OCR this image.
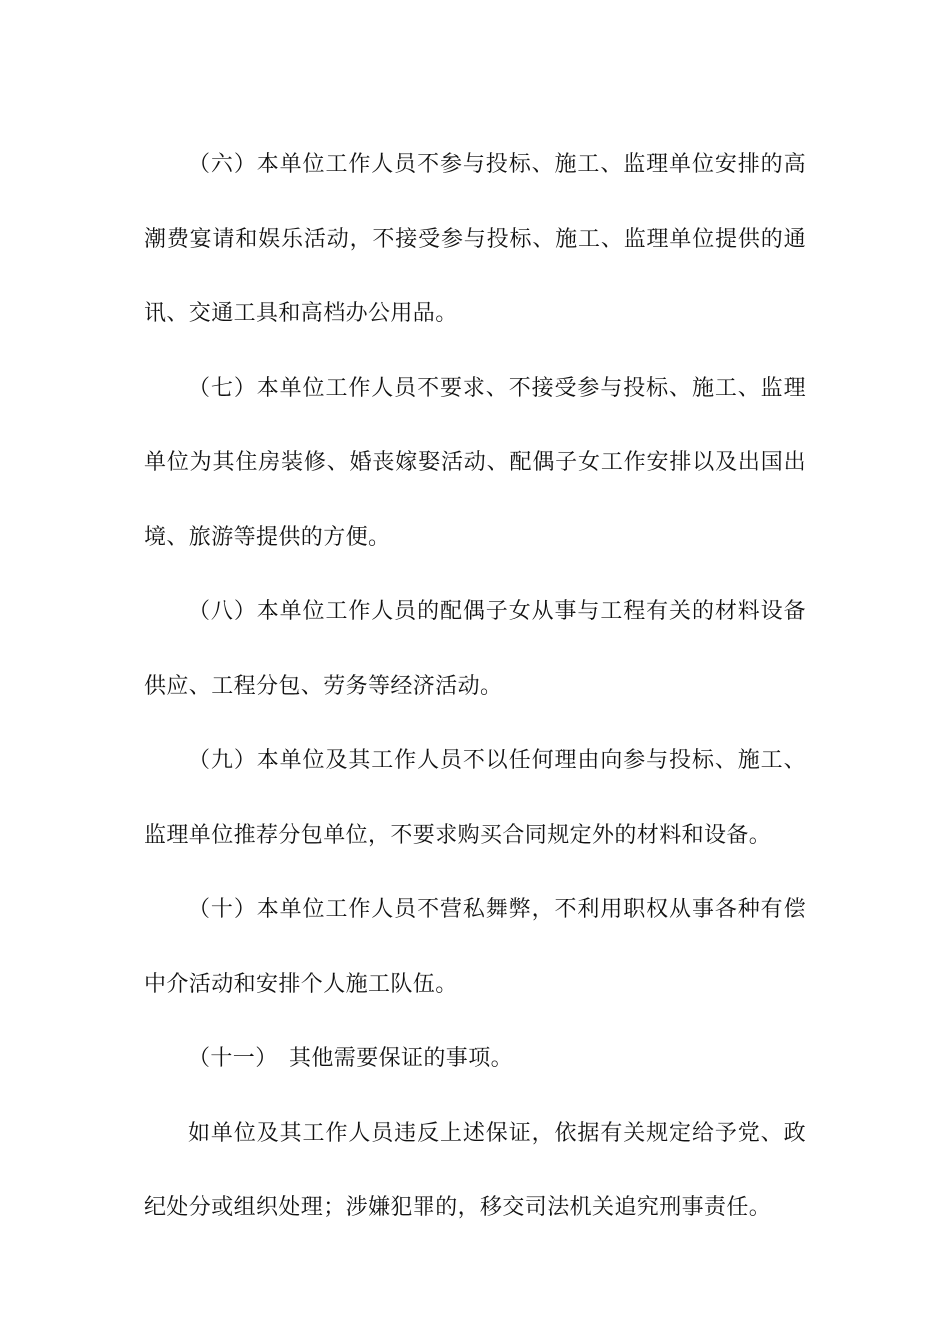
（六）本单位工作人员不参与投标、施工、监理单位安排的高潮费宴请和娱乐活动，不接受参与投标、施工、监理单位提供的通讯、交通工具和高档办公用品。

（七）本单位工作人员不要求、不接受参与投标、施工、监理单位为其住房装修、婚丧嫁娶活动、配偶子女工作安排以及出国出境、旅游等提供的方便。

（八）本单位工作人员的配偶子女从事与工程有关的材料设备供应、工程分包、劳务等经济活动。

（九）本单位及其工作人员不以任何理由向参与投标、施工、监理单位推荐分包单位，不要求购买合同规定外的材料和设备。

（十）本单位工作人员不营私舞弊，不利用职权从事各种有偿中介活动和安排个人施工队伍。

（十一）　其他需要保证的事项。

如单位及其工作人员违反上述保证，依据有关规定给予党、政纪处分或组织处理；涉嫌犯罪的，移交司法机关追究刑事责任。
